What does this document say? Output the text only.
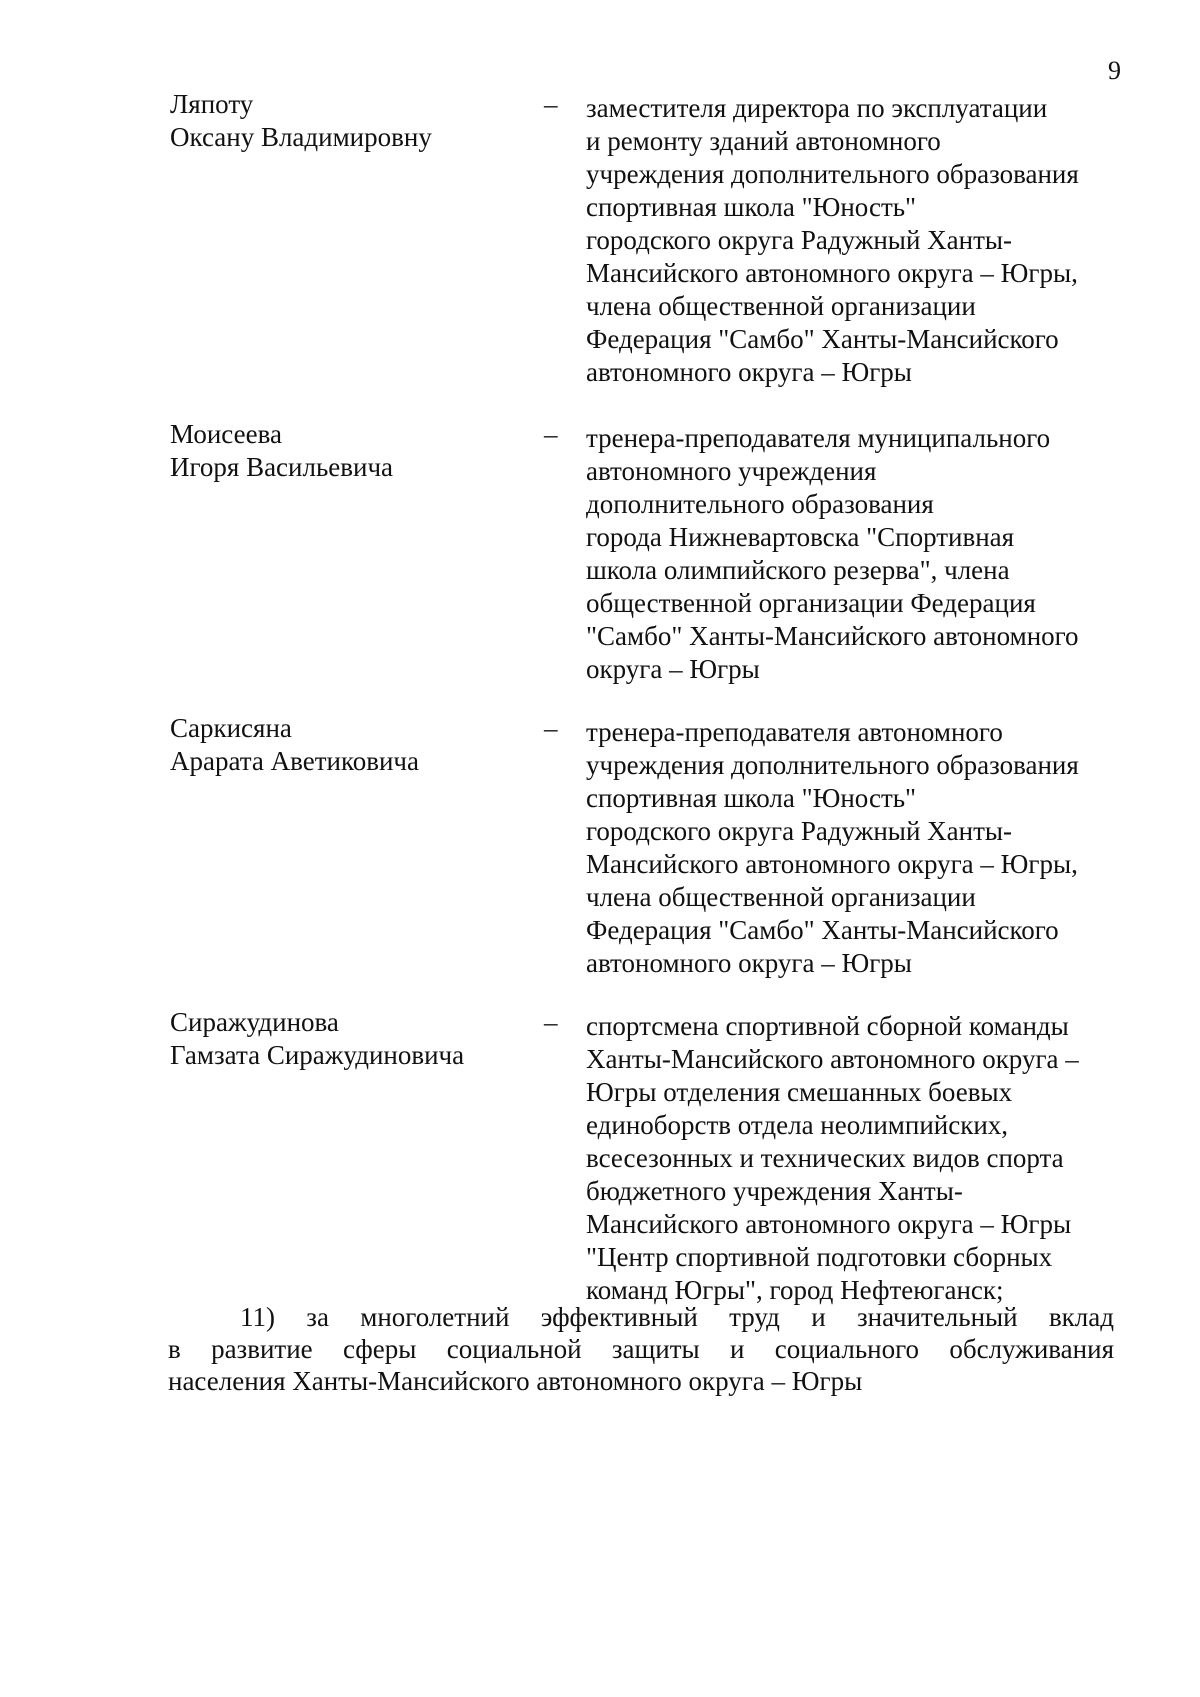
9
Ляпоту
Оксану Владимировну
– заместителя директора по эксплуатации
и ремонту зданий автономного
учреждения дополнительного образования
спортивная школа "Юность"
городского округа Радужный Ханты-
Мансийского автономного округа – Югры,
члена общественной организации
Федерация "Самбо" Ханты-Мансийского
автономного округа – Югры
Моисеева
Игоря Васильевича
– тренера-преподавателя муниципального
автономного учреждения
дополнительного образования
города Нижневартовска "Спортивная
школа олимпийского резерва", члена
общественной организации Федерация
"Самбо" Ханты-Мансийского автономного
округа – Югры
Саркисяна
Арарата Аветиковича
– тренера-преподавателя автономного
учреждения дополнительного образования
спортивная школа "Юность"
городского округа Радужный Ханты-
Мансийского автономного округа – Югры,
члена общественной организации
Федерация "Самбо" Ханты-Мансийского
автономного округа – Югры
Сиражудинова
Гамзата Сиражудиновича
– спортсмена спортивной сборной команды
Ханты-Мансийского автономного округа –
Югры отделения смешанных боевых
единоборств отдела неолимпийских,
всесезонных и технических видов спорта
бюджетного учреждения Ханты-
Мансийского автономного округа – Югры
"Центр спортивной подготовки сборных
команд Югры", город Нефтеюганск;
11) за многолетний эффективный труд и значительный вклад
в развитие сферы социальной защиты и социального обслуживания
населения Ханты-Мансийского автономного округа – Югры
